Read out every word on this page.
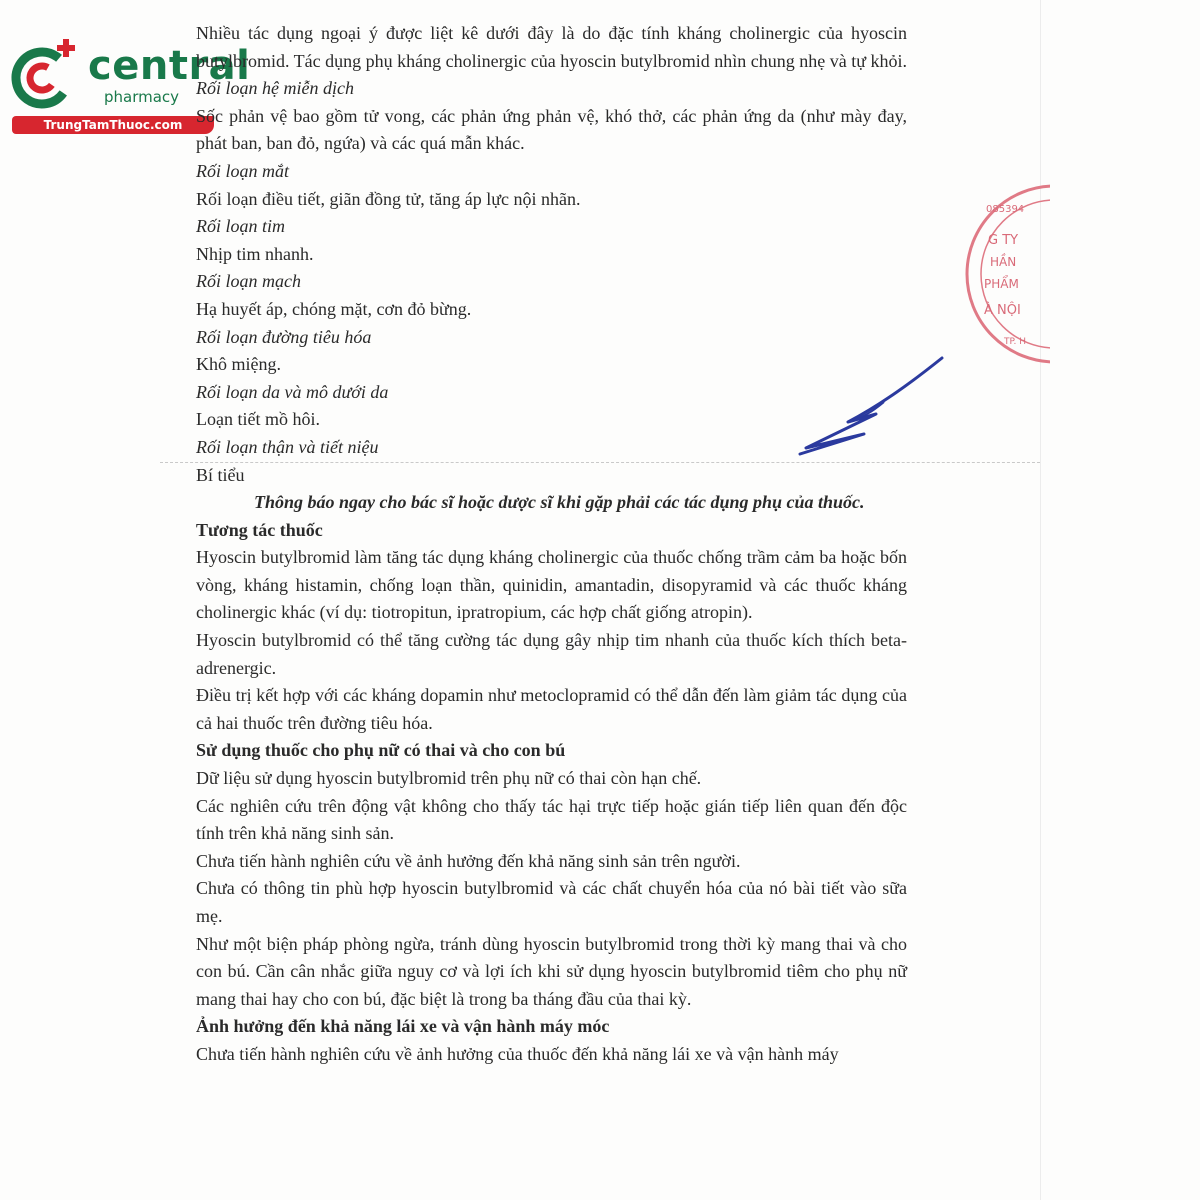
central
pharmacy
TrungTamThuoc.com
085394
G TY
HẦN
PHẨM
À NỘI
TP. H

Nhiều tác dụng ngoại ý được liệt kê dưới đây là do đặc tính kháng cholinergic của hyoscin butylbromid. Tác dụng phụ kháng cholinergic của hyoscin butylbromid nhìn chung nhẹ và tự khỏi.

Rối loạn hệ miễn dịch

Sốc phản vệ bao gồm tử vong, các phản ứng phản vệ, khó thở, các phản ứng da (như mày đay, phát ban, ban đỏ, ngứa) và các quá mẫn khác.

Rối loạn mắt

Rối loạn điều tiết, giãn đồng tử, tăng áp lực nội nhãn.

Rối loạn tim

Nhịp tim nhanh.

Rối loạn mạch

Hạ huyết áp, chóng mặt, cơn đỏ bừng.

Rối loạn đường tiêu hóa

Khô miệng.

Rối loạn da và mô dưới da

Loạn tiết mồ hôi.

Rối loạn thận và tiết niệu

Bí tiểu

Thông báo ngay cho bác sĩ hoặc dược sĩ khi gặp phải các tác dụng phụ của thuốc.

Tương tác thuốc

Hyoscin butylbromid làm tăng tác dụng kháng cholinergic của thuốc chống trầm cảm ba hoặc bốn vòng, kháng histamin, chống loạn thần, quinidin, amantadin, disopyramid và các thuốc kháng cholinergic khác (ví dụ: tiotropitun, ipratropium, các hợp chất giống atropin).

Hyoscin butylbromid có thể tăng cường tác dụng gây nhịp tim nhanh của thuốc kích thích beta-adrenergic.

Điều trị kết hợp với các kháng dopamin như metoclopramid có thể dẫn đến làm giảm tác dụng của cả hai thuốc trên đường tiêu hóa.

Sử dụng thuốc cho phụ nữ có thai và cho con bú

Dữ liệu sử dụng hyoscin butylbromid trên phụ nữ có thai còn hạn chế.

Các nghiên cứu trên động vật không cho thấy tác hại trực tiếp hoặc gián tiếp liên quan đến độc tính trên khả năng sinh sản.

Chưa tiến hành nghiên cứu về ảnh hưởng đến khả năng sinh sản trên người.

Chưa có thông tin phù hợp hyoscin butylbromid và các chất chuyển hóa của nó bài tiết vào sữa mẹ.

Như một biện pháp phòng ngừa, tránh dùng hyoscin butylbromid trong thời kỳ mang thai và cho con bú. Cần cân nhắc giữa nguy cơ và lợi ích khi sử dụng hyoscin butylbromid tiêm cho phụ nữ mang thai hay cho con bú, đặc biệt là trong ba tháng đầu của thai kỳ.

Ảnh hưởng đến khả năng lái xe và vận hành máy móc

Chưa tiến hành nghiên cứu về ảnh hưởng của thuốc đến khả năng lái xe và vận hành máy
